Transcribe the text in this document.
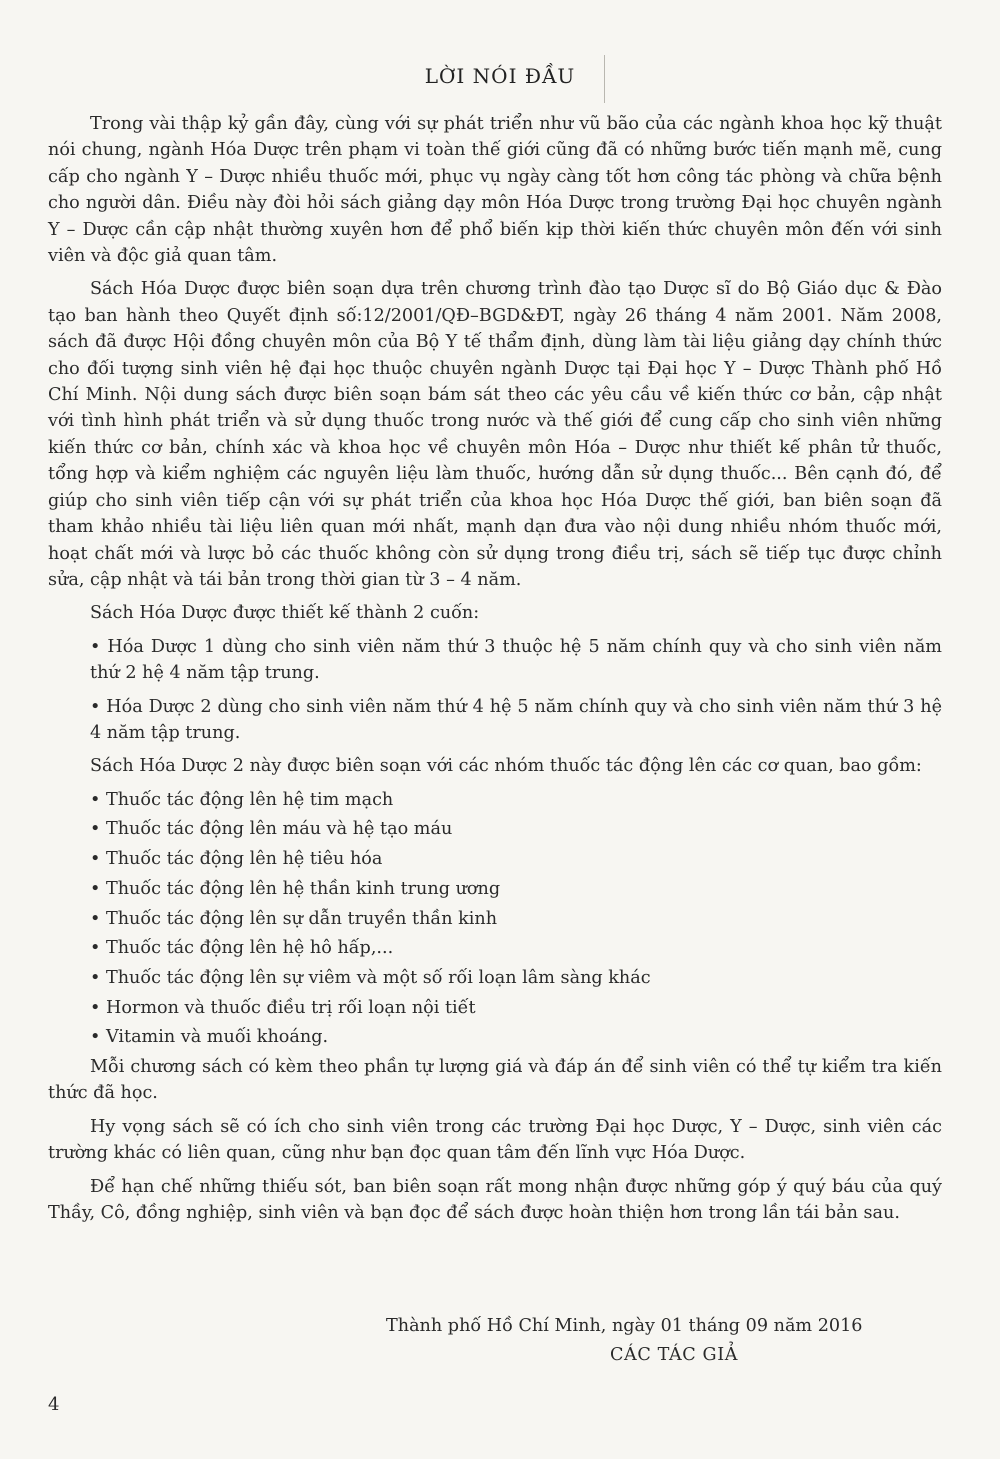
LỜI NÓI ĐẦU

Trong vài thập kỷ gần đây, cùng với sự phát triển như vũ bão của các ngành khoa học kỹ thuật nói chung, ngành Hóa Dược trên phạm vi toàn thế giới cũng đã có những bước tiến mạnh mẽ, cung cấp cho ngành Y – Dược nhiều thuốc mới, phục vụ ngày càng tốt hơn công tác phòng và chữa bệnh cho người dân. Điều này đòi hỏi sách giảng dạy môn Hóa Dược trong trường Đại học chuyên ngành Y – Dược cần cập nhật thường xuyên hơn để phổ biến kịp thời kiến thức chuyên môn đến với sinh viên và độc giả quan tâm.

Sách Hóa Dược được biên soạn dựa trên chương trình đào tạo Dược sĩ do Bộ Giáo dục & Đào tạo ban hành theo Quyết định số:12/2001/QĐ–BGD&ĐT, ngày 26 tháng 4 năm 2001. Năm 2008, sách đã được Hội đồng chuyên môn của Bộ Y tế thẩm định, dùng làm tài liệu giảng dạy chính thức cho đối tượng sinh viên hệ đại học thuộc chuyên ngành Dược tại Đại học Y – Dược Thành phố Hồ Chí Minh. Nội dung sách được biên soạn bám sát theo các yêu cầu về kiến thức cơ bản, cập nhật với tình hình phát triển và sử dụng thuốc trong nước và thế giới để cung cấp cho sinh viên những kiến thức cơ bản, chính xác và khoa học về chuyên môn Hóa – Dược như thiết kế phân tử thuốc, tổng hợp và kiểm nghiệm các nguyên liệu làm thuốc, hướng dẫn sử dụng thuốc... Bên cạnh đó, để giúp cho sinh viên tiếp cận với sự phát triển của khoa học Hóa Dược thế giới, ban biên soạn đã tham khảo nhiều tài liệu liên quan mới nhất, mạnh dạn đưa vào nội dung nhiều nhóm thuốc mới, hoạt chất mới và lược bỏ các thuốc không còn sử dụng trong điều trị, sách sẽ tiếp tục được chỉnh sửa, cập nhật và tái bản trong thời gian từ 3 – 4 năm.

Sách Hóa Dược được thiết kế thành 2 cuốn:

• Hóa Dược 1 dùng cho sinh viên năm thứ 3 thuộc hệ 5 năm chính quy và cho sinh viên năm thứ 2 hệ 4 năm tập trung.
• Hóa Dược 2 dùng cho sinh viên năm thứ 4 hệ 5 năm chính quy và cho sinh viên năm thứ 3 hệ 4 năm tập trung.

Sách Hóa Dược 2 này được biên soạn với các nhóm thuốc tác động lên các cơ quan, bao gồm:

• Thuốc tác động lên hệ tim mạch
• Thuốc tác động lên máu và hệ tạo máu
• Thuốc tác động lên hệ tiêu hóa
• Thuốc tác động lên hệ thần kinh trung ương
• Thuốc tác động lên sự dẫn truyền thần kinh
• Thuốc tác động lên hệ hô hấp,...
• Thuốc tác động lên sự viêm và một số rối loạn lâm sàng khác
• Hormon và thuốc điều trị rối loạn nội tiết
• Vitamin và muối khoáng.

Mỗi chương sách có kèm theo phần tự lượng giá và đáp án để sinh viên có thể tự kiểm tra kiến thức đã học.

Hy vọng sách sẽ có ích cho sinh viên trong các trường Đại học Dược, Y – Dược, sinh viên các trường khác có liên quan, cũng như bạn đọc quan tâm đến lĩnh vực Hóa Dược.

Để hạn chế những thiếu sót, ban biên soạn rất mong nhận được những góp ý quý báu của quý Thầy, Cô, đồng nghiệp, sinh viên và bạn đọc để sách được hoàn thiện hơn trong lần tái bản sau.

Thành phố Hồ Chí Minh, ngày 01 tháng 09 năm 2016
CÁC TÁC GIẢ
4
